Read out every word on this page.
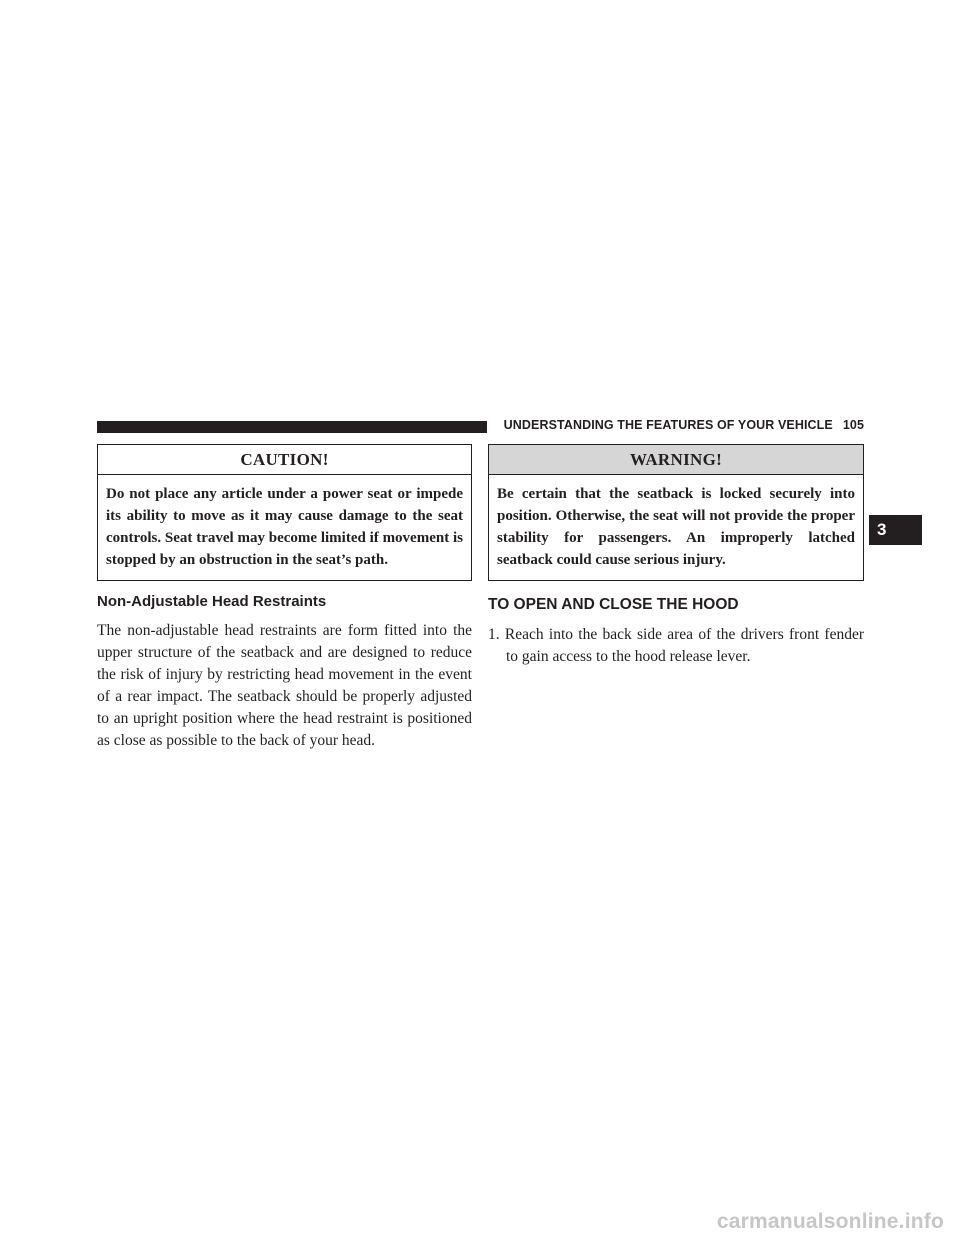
UNDERSTANDING THE FEATURES OF YOUR VEHICLE 105
CAUTION!
Do not place any article under a power seat or impede its ability to move as it may cause damage to the seat controls. Seat travel may become limited if movement is stopped by an obstruction in the seat’s path.
Non-Adjustable Head Restraints

The non-adjustable head restraints are form fitted into the upper structure of the seatback and are designed to reduce the risk of injury by restricting head movement in the event of a rear impact. The seatback should be properly adjusted to an upright position where the head restraint is positioned as close as possible to the back of your head.

WARNING!
Be certain that the seatback is locked securely into position. Otherwise, the seat will not provide the proper stability for passengers. An improperly latched seatback could cause serious injury.
TO OPEN AND CLOSE THE HOOD
1. Reach into the back side area of the drivers front fender to gain access to the hood release lever.
3
carmanualsonline.info
